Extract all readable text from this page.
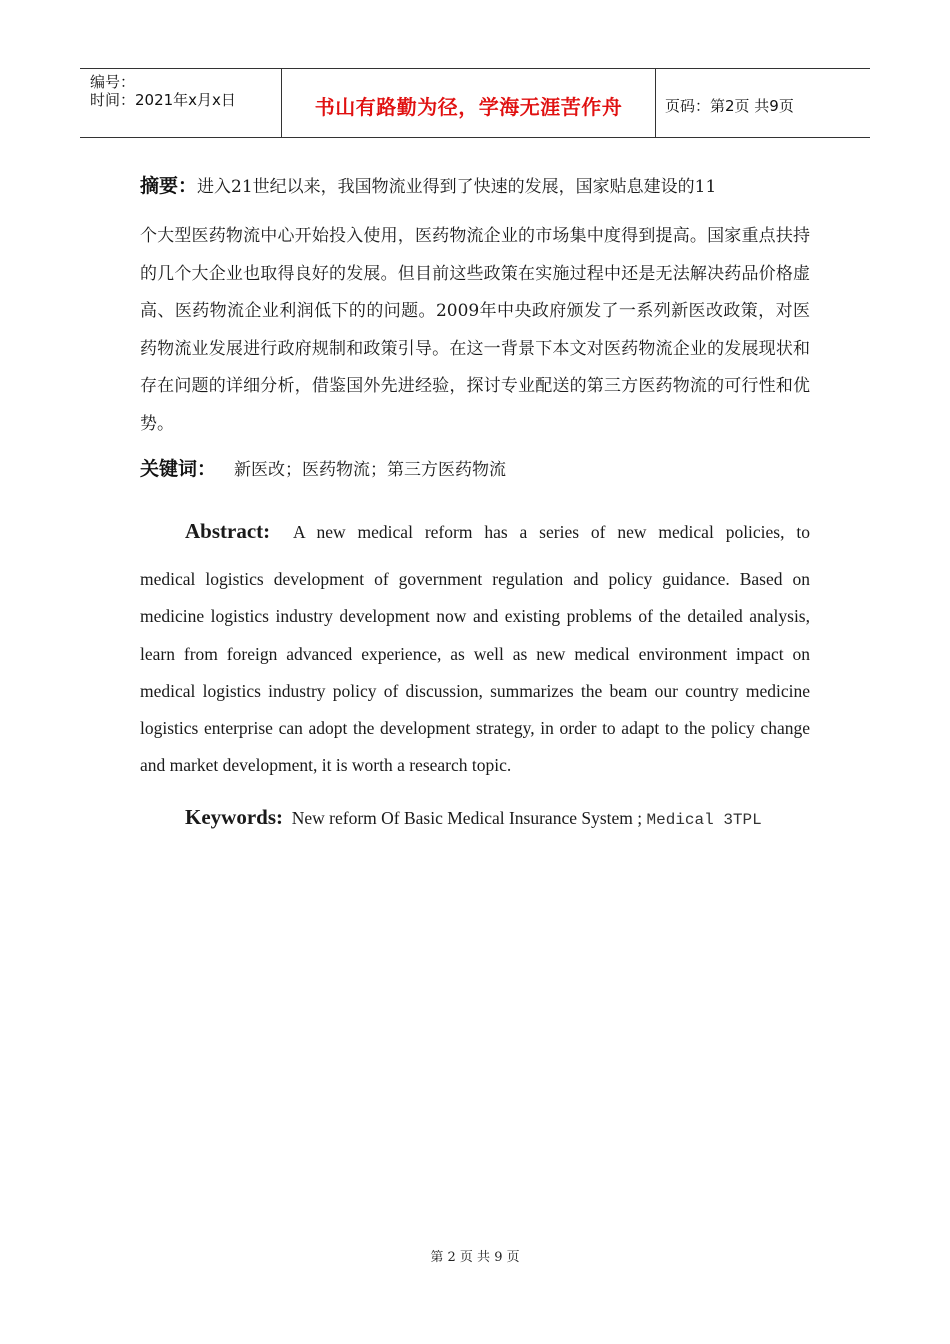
编号：
时间：2021年x月x日	书山有路勤为径，学海无涯苦作舟	页码：第2页 共9页
摘要：进入21世纪以来，我国物流业得到了快速的发展，国家贴息建设的11
个大型医药物流中心开始投入使用，医药物流企业的市场集中度得到提高。国家重点扶持的几个大企业也取得良好的发展。但目前这些政策在实施过程中还是无法解决药品价格虚高、医药物流企业利润低下的的问题。2009年中央政府颁发了一系列新医改政策，对医药物流业发展进行政府规制和政策引导。在这一背景下本文对医药物流企业的发展现状和存在问题的详细分析，借鉴国外先进经验，探讨专业配送的第三方医药物流的可行性和优势。
关键词： 新医改；医药物流；第三方医药物流
Abstract: A new medical reform has a series of new medical policies, to
medical logistics development of government regulation and policy guidance. Based on medicine logistics industry development now and existing problems of the detailed analysis, learn from foreign advanced experience, as well as new medical environment impact on medical logistics industry policy of discussion, summarizes the beam our country medicine logistics enterprise can adopt the development strategy, in order to adapt to the policy change and market development, it is worth a research topic.
Keywords: New reform Of Basic Medical Insurance System ; Medical 3TPL
第 2 页 共 9 页
